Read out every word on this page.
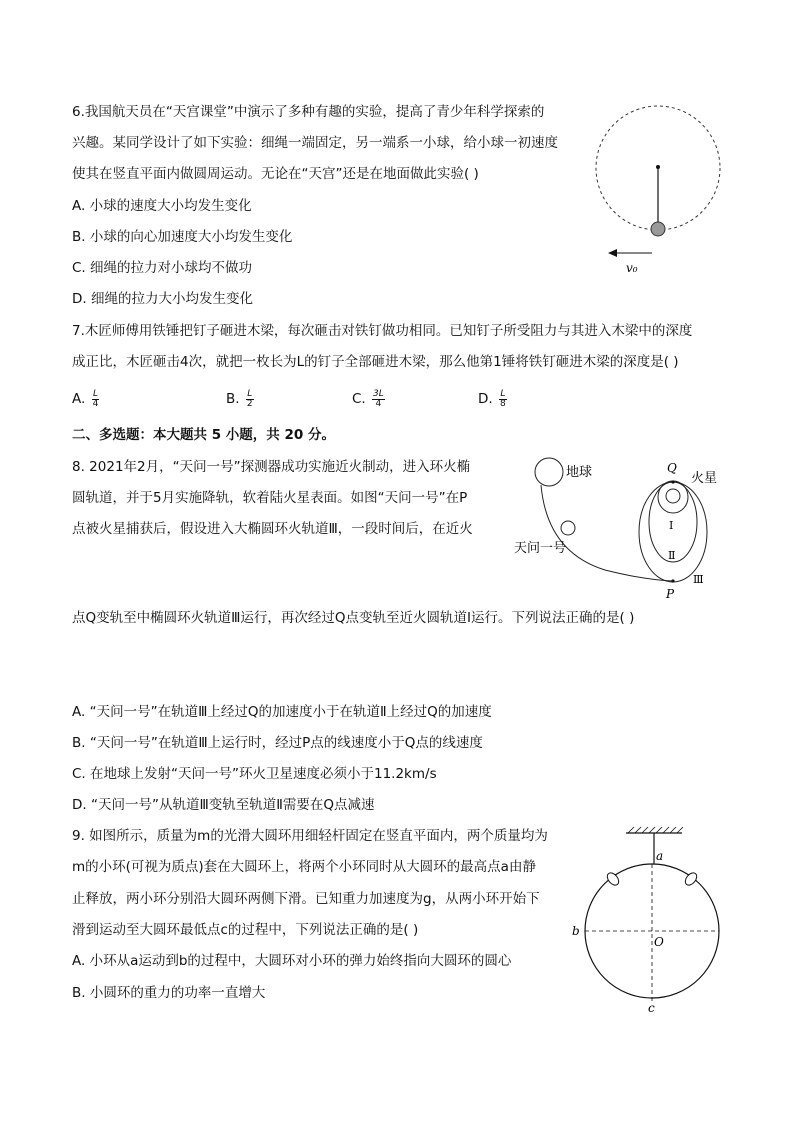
6.我国航天员在“天宫课堂”中演示了多种有趣的实验，提高了青少年科学探索的
兴趣。某同学设计了如下实验：细绳一端固定，另一端系一小球，给小球一初速度
使其在竖直平面内做圆周运动。无论在“天宫”还是在地面做此实验( )
A. 小球的速度大小均发生变化
B. 小球的向心加速度大小均发生变化
C. 细绳的拉力对小球均不做功
D. 细绳的拉力大小均发生变化
v₀
7.木匠师傅用铁锤把钉子砸进木梁，每次砸击对铁钉做功相同。已知钉子所受阻力与其进入木梁中的深度
成正比，木匠砸击4次，就把一枚长为L的钉子全部砸进木梁，那么他第1锤将铁钉砸进木梁的深度是( )
A. $\frac{L}{4}$	B. $\frac{L}{2}$	C. $\frac{3L}{4}$	D. $\frac{L}{8}$
二、多选题：本大题共 5 小题，共 20 分。
8. 2021年2月，“天问一号”探测器成功实施近火制动，进入环火椭
圆轨道，并于5月实施降轨，软着陆火星表面。如图“天问一号”在P
点被火星捕获后，假设进入大椭圆环火轨道Ⅲ，一段时间后，在近火
点Q变轨至中椭圆环火轨道Ⅲ运行，再次经过Q点变轨至近火圆轨道Ⅰ运行。下列说法正确的是( )
A. “天问一号”在轨道Ⅲ上经过Q的加速度小于在轨道Ⅱ上经过Q的加速度
B. “天问一号”在轨道Ⅲ上运行时，经过P点的线速度小于Q点的线速度
C. 在地球上发射“天问一号”环火卫星速度必须小于11.2km/s
D. “天问一号”从轨道Ⅲ变轨至轨道Ⅱ需要在Q点减速
地球
天问一号
火星
Q
P
Ⅰ
Ⅱ
Ⅲ
9. 如图所示，质量为m的光滑大圆环用细轻杆固定在竖直平面内，两个质量均为
m的小环(可视为质点)套在大圆环上，将两个小环同时从大圆环的最高点a由静
止释放，两小环分别沿大圆环两侧下滑。已知重力加速度为g，从两小环开始下
滑到运动至大圆环最低点c的过程中，下列说法正确的是( )
A. 小环从a运动到b的过程中，大圆环对小环的弹力始终指向大圆环的圆心
B. 小圆环的重力的功率一直增大
a
b
c
O
